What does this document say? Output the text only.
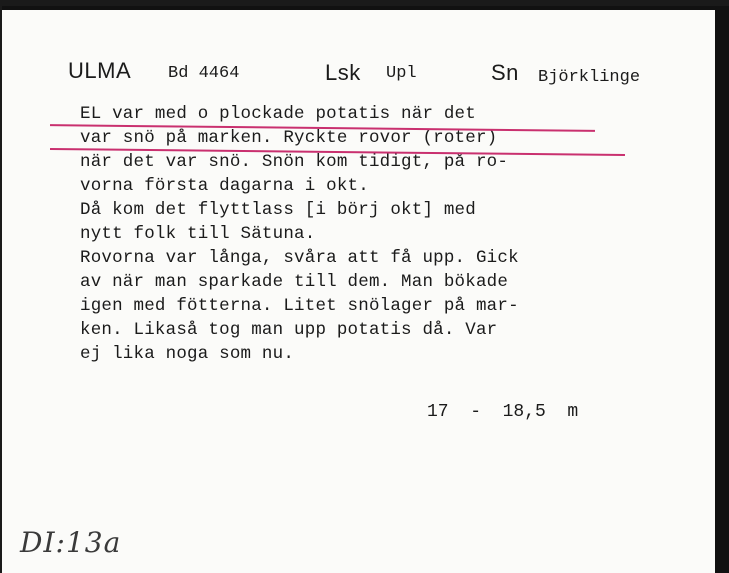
ULMA Bd 4464	Lsk Upl	Sn Björklinge
EL var med o plockade potatis när det
var snö på marken. Ryckte rovor (roter)
när det var snö. Snön kom tidigt, på ro-
vorna första dagarna i okt.
Då kom det flyttlass [i börj okt] med
nytt folk till Sätuna.
Rovorna var långa, svåra att få upp. Gick
av när man sparkade till dem. Man bökade
igen med fötterna. Litet snölager på mar-
ken. Likaså tog man upp potatis då. Var
ej lika noga som nu.
17  -  18,5  m
DI:13a
